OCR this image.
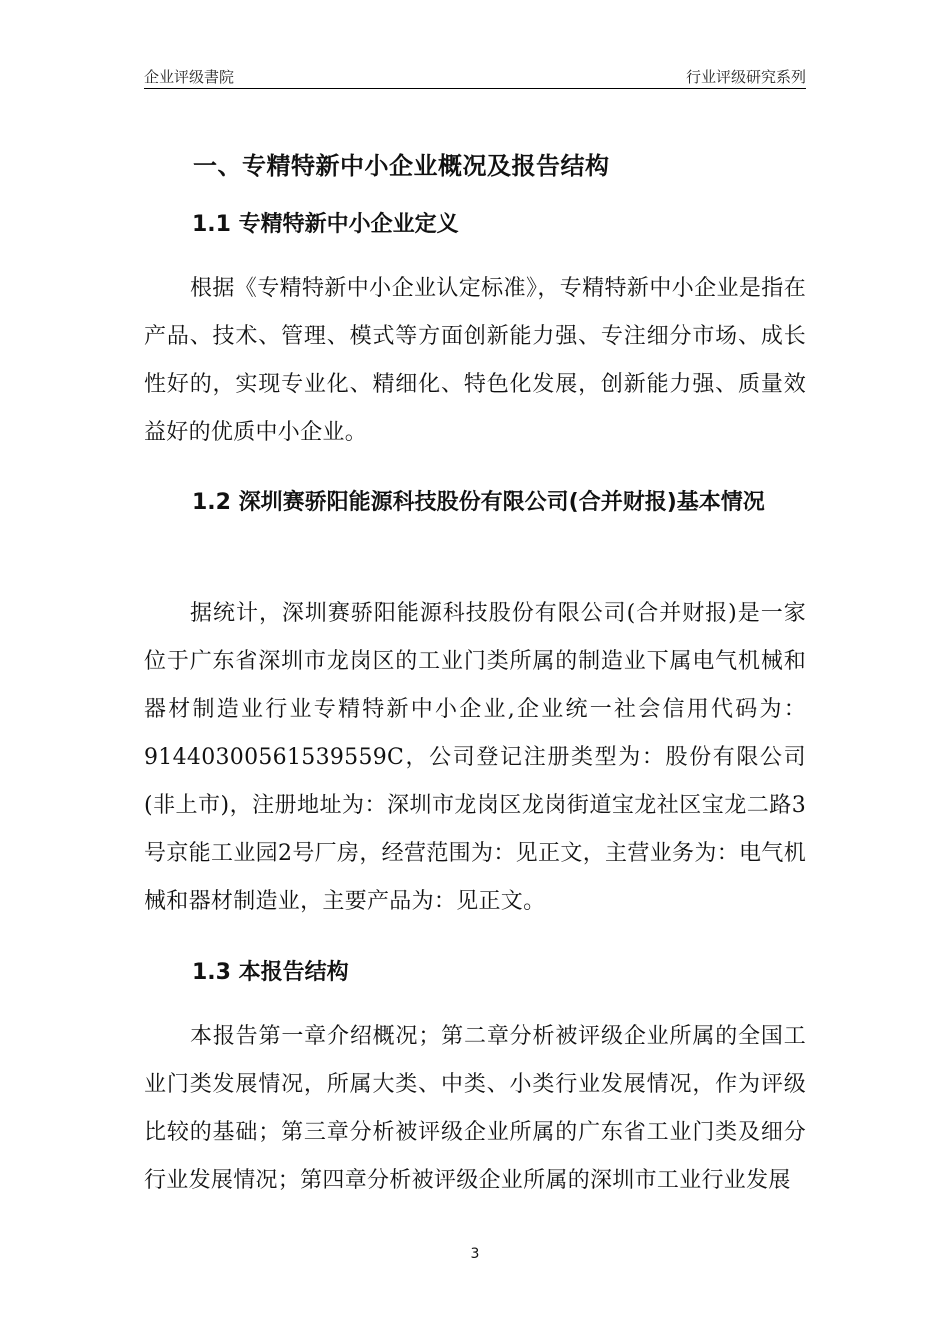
企业评级書院	行业评级研究系列
一、专精特新中小企业概况及报告结构
1.1 专精特新中小企业定义
根据《专精特新中小企业认定标准》，专精特新中小企业是指在产品、技术、管理、模式等方面创新能力强、专注细分市场、成长性好的，实现专业化、精细化、特色化发展，创新能力强、质量效益好的优质中小企业。
1.2 深圳赛骄阳能源科技股份有限公司(合并财报)基本情况
据统计，深圳赛骄阳能源科技股份有限公司(合并财报)是一家位于广东省深圳市龙岗区的工业门类所属的制造业下属电气机械和器材制造业行业专精特新中小企业,企业统一社会信用代码为：91440300561539559C，公司登记注册类型为：股份有限公司(非上市)，注册地址为：深圳市龙岗区龙岗街道宝龙社区宝龙二路3号京能工业园2号厂房，经营范围为：见正文，主营业务为：电气机械和器材制造业，主要产品为：见正文。
1.3 本报告结构
本报告第一章介绍概况；第二章分析被评级企业所属的全国工业门类发展情况，所属大类、中类、小类行业发展情况，作为评级比较的基础；第三章分析被评级企业所属的广东省工业门类及细分行业发展情况；第四章分析被评级企业所属的深圳市工业行业发展
3
